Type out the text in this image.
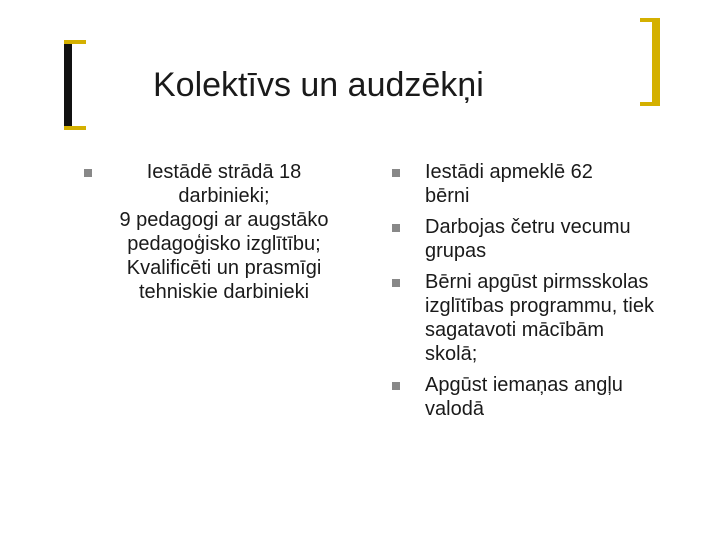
Kolektīvs un audzēkņi
Iestādē strādā 18
darbinieki;
9 pedagogi ar augstāko
pedagoģisko izglītību;
Kvalificēti un prasmīgi
tehniskie darbinieki
Iestādi apmeklē 62 bērni
Darbojas četru vecumu grupas
Bērni apgūst pirmsskolas izglītības programmu, tiek sagatavoti mācībām skolā;
Apgūst iemaņas angļu valodā
